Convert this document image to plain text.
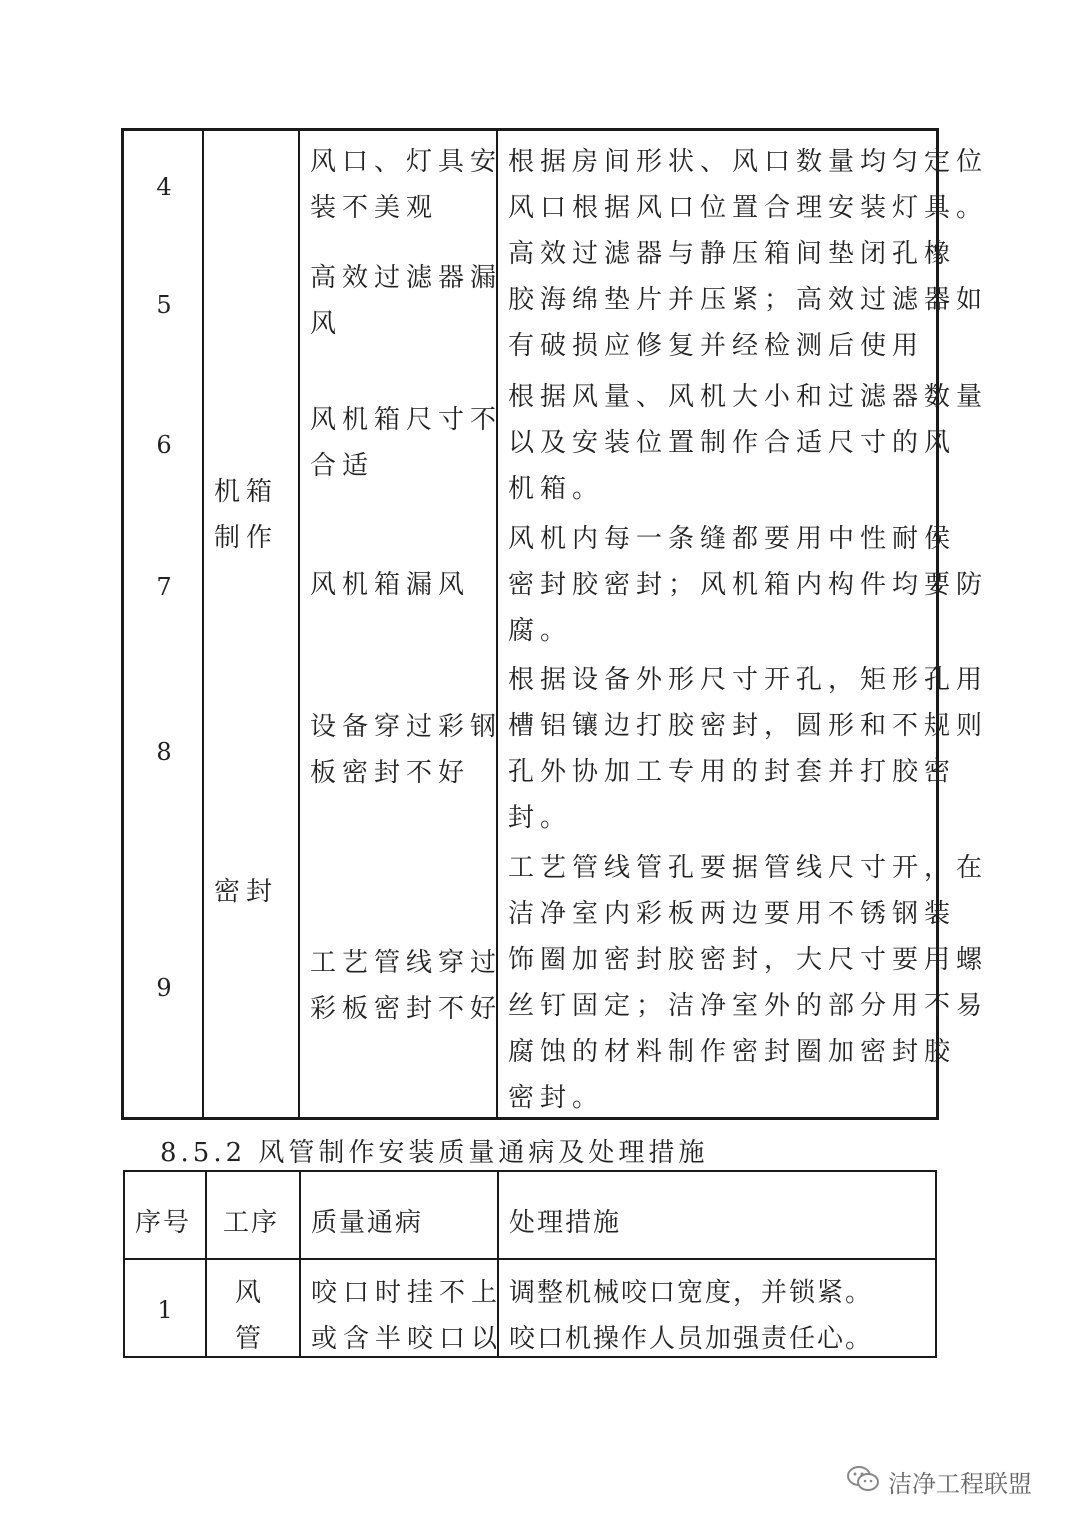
4
风口、灯具安
装不美观
根据房间形状、风口数量均匀定位
风口根据风口位置合理安装灯具。
5
高效过滤器漏
风
高效过滤器与静压箱间垫闭孔橡
胶海绵垫片并压紧；高效过滤器如
有破损应修复并经检测后使用
6
风机箱尺寸不
合适
根据风量、风机大小和过滤器数量
以及安装位置制作合适尺寸的风
机箱。
机箱
制作
7	风机箱漏风
风机内每一条缝都要用中性耐侯
密封胶密封；风机箱内构件均要防
腐。
8
设备穿过彩钢
板密封不好
根据设备外形尺寸开孔，矩形孔用
槽铝镶边打胶密封，圆形和不规则
孔外协加工专用的封套并打胶密
封。
密封
9
工艺管线穿过
彩板密封不好
工艺管线管孔要据管线尺寸开，在
洁净室内彩板两边要用不锈钢装
饰圈加密封胶密封，大尺寸要用螺
丝钉固定；洁净室外的部分用不易
腐蚀的材料制作密封圈加密封胶
密封。
8.5.2 风管制作安装质量通病及处理措施
序号 工序 质量通病	处理措施
1
风
管
咬口时挂不上
或含半咬口以
调整机械咬口宽度，并锁紧。
咬口机操作人员加强责任心。
洁净工程联盟
